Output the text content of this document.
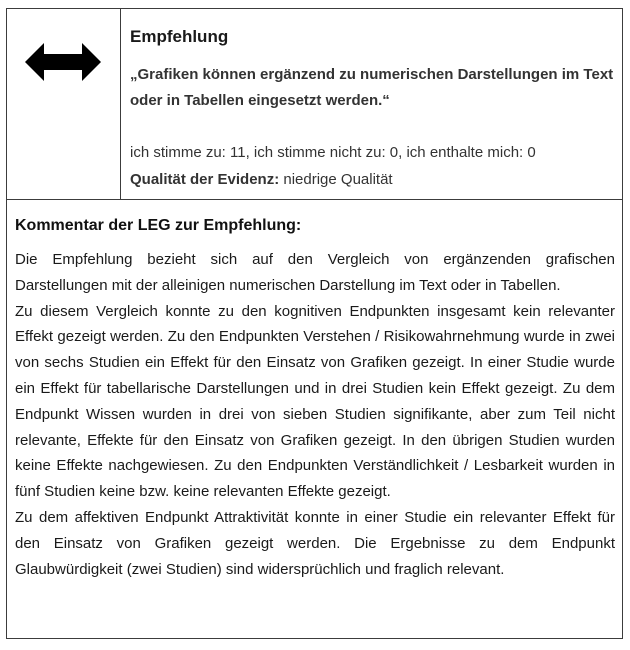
Empfehlung
„Grafiken können ergänzend zu numerischen Darstellungen im Text oder in Tabellen eingesetzt werden.“
ich stimme zu: 11, ich stimme nicht zu: 0, ich enthalte mich: 0
Qualität der Evidenz: niedrige Qualität
Kommentar der LEG zur Empfehlung:

Die Empfehlung bezieht sich auf den Vergleich von ergänzenden grafischen Darstellungen mit der alleinigen numerischen Darstellung im Text oder in Tabellen.

Zu diesem Vergleich konnte zu den kognitiven Endpunkten insgesamt kein relevanter Effekt gezeigt werden. Zu den Endpunkten Verstehen / Risikowahrnehmung wurde in zwei von sechs Studien ein Effekt für den Einsatz von Grafiken gezeigt. In einer Studie wurde ein Effekt für tabellarische Darstellungen und in drei Studien kein Effekt gezeigt. Zu dem Endpunkt Wissen wurden in drei von sieben Studien signifikante, aber zum Teil nicht relevante, Effekte für den Einsatz von Grafiken gezeigt. In den übrigen Studien wurden keine Effekte nachgewiesen. Zu den Endpunkten Verständlichkeit / Lesbarkeit wurden in fünf Studien keine bzw. keine relevanten Effekte gezeigt.

Zu dem affektiven Endpunkt Attraktivität konnte in einer Studie ein relevanter Effekt für den Einsatz von Grafiken gezeigt werden. Die Ergebnisse zu dem Endpunkt Glaubwürdigkeit (zwei Studien) sind widersprüchlich und fraglich relevant.
